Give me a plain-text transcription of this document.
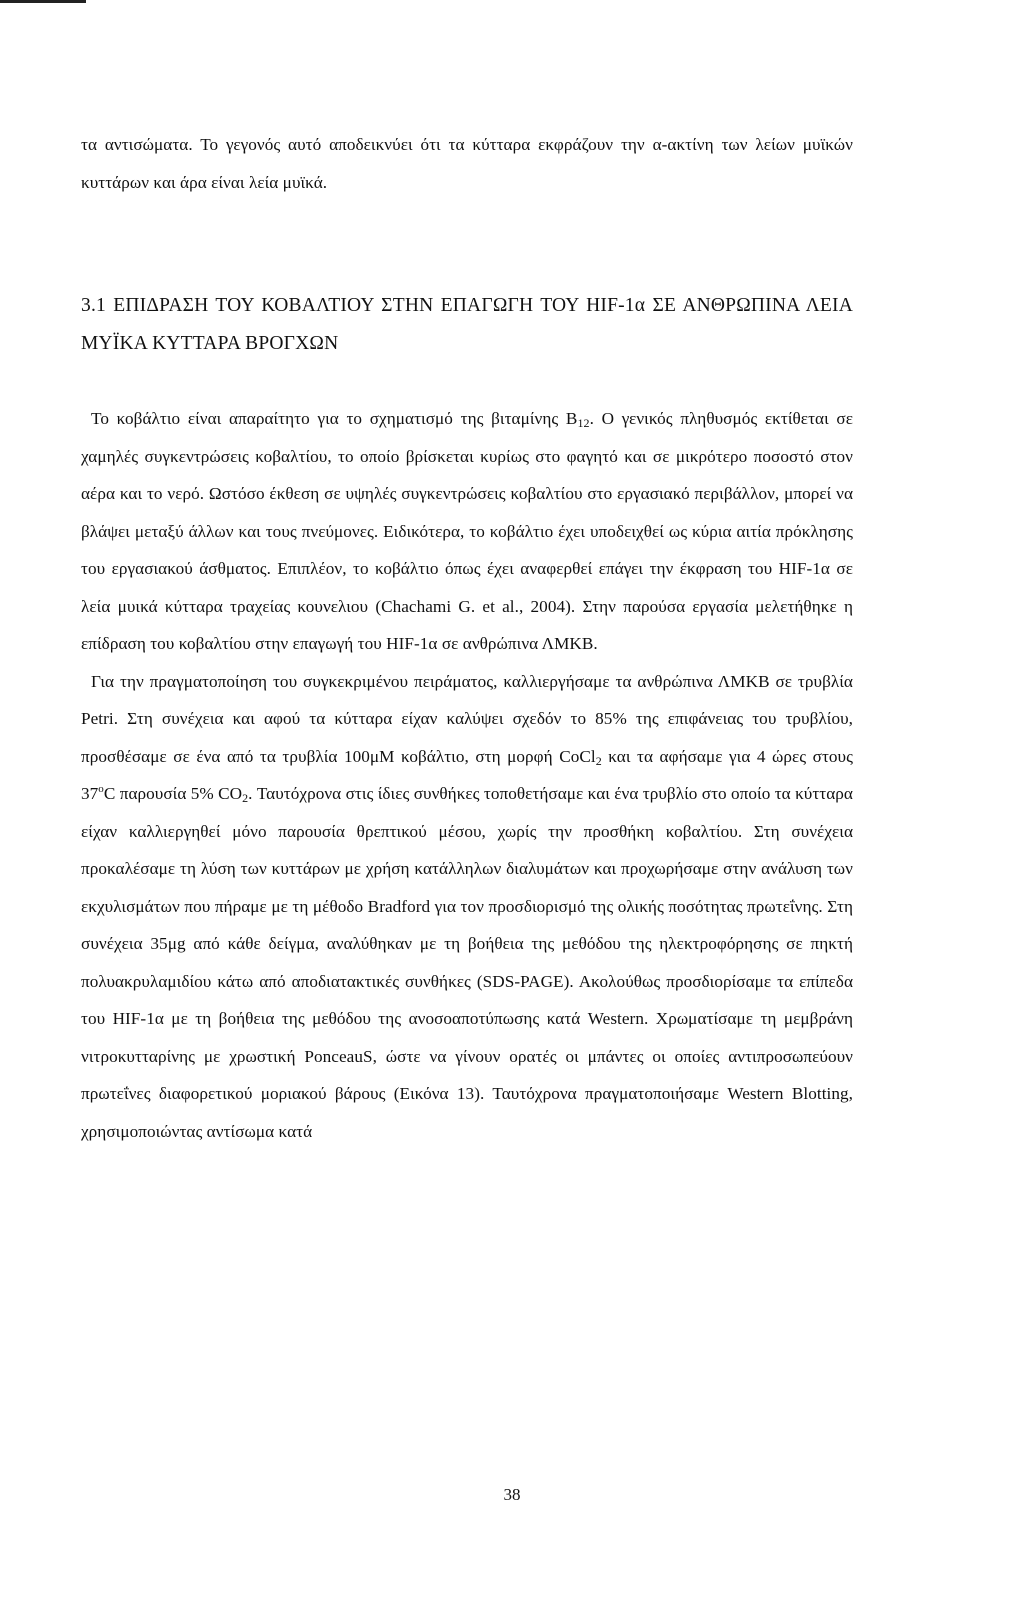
τα αντισώματα. Το γεγονός αυτό αποδεικνύει ότι τα κύτταρα εκφράζουν την α-ακτίνη των λείων μυϊκών κυττάρων και άρα είναι λεία μυϊκά.

3.1 ΕΠΙΔΡΑΣΗ ΤΟΥ ΚΟΒΑΛΤΙΟΥ ΣΤΗΝ ΕΠΑΓΩΓΗ ΤΟΥ HIF-1α ΣΕ ΑΝΘΡΩΠΙΝΑ ΛΕΙΑ ΜΥΪΚΑ ΚΥΤΤΑΡΑ ΒΡΟΓΧΩΝ

Το κοβάλτιο είναι απαραίτητο για το σχηματισμό της βιταμίνης $B_{12}$. Ο γενικός πληθυσμός εκτίθεται σε χαμηλές συγκεντρώσεις κοβαλτίου, το οποίο βρίσκεται κυρίως στο φαγητό και σε μικρότερο ποσοστό στον αέρα και το νερό. Ωστόσο έκθεση σε υψηλές συγκεντρώσεις κοβαλτίου στο εργασιακό περιβάλλον, μπορεί να βλάψει μεταξύ άλλων και τους πνεύμονες. Ειδικότερα, το κοβάλτιο έχει υποδειχθεί ως κύρια αιτία πρόκλησης του εργασιακού άσθματος. Επιπλέον, το κοβάλτιο όπως έχει αναφερθεί επάγει την έκφραση του HIF-1α σε λεία μυικά κύτταρα τραχείας κουνελιου (Chachami G. et al., 2004). Στην παρούσα εργασία μελετήθηκε η επίδραση του κοβαλτίου στην επαγωγή του HIF-1α σε ανθρώπινα ΛΜΚΒ.

Για την πραγματοποίηση του συγκεκριμένου πειράματος, καλλιεργήσαμε τα ανθρώπινα ΛΜΚΒ σε τρυβλία Petri. Στη συνέχεια και αφού τα κύτταρα είχαν καλύψει σχεδόν το 85% της επιφάνειας του τρυβλίου, προσθέσαμε σε ένα από τα τρυβλία 100μΜ κοβάλτιο, στη μορφή CoCl$_2$ και τα αφήσαμε για 4 ώρες στους 37$^o$C παρουσία 5% $CO_2$. Ταυτόχρονα στις ίδιες συνθήκες τοποθετήσαμε και ένα τρυβλίο στο οποίο τα κύτταρα είχαν καλλιεργηθεί μόνο παρουσία θρεπτικού μέσου, χωρίς την προσθήκη κοβαλτίου. Στη συνέχεια προκαλέσαμε τη λύση των κυττάρων με χρήση κατάλληλων διαλυμάτων και προχωρήσαμε στην ανάλυση των εκχυλισμάτων που πήραμε με τη μέθοδο Bradford για τον προσδιορισμό της ολικής ποσότητας πρωτεΐνης. Στη συνέχεια 35μg από κάθε δείγμα, αναλύθηκαν με τη βοήθεια της μεθόδου της ηλεκτροφόρησης σε πηκτή πολυακρυλαμιδίου κάτω από αποδιατακτικές συνθήκες (SDS-PAGE). Ακολούθως προσδιορίσαμε τα επίπεδα του HIF-1α με τη βοήθεια της μεθόδου της ανοσοαποτύπωσης κατά Western. Χρωματίσαμε τη μεμβράνη νιτροκυτταρίνης με χρωστική PonceauS, ώστε να γίνουν ορατές οι μπάντες οι οποίες αντιπροσωπεύουν πρωτεΐνες διαφορετικού μοριακού βάρους (Εικόνα 13). Ταυτόχρονα πραγματοποιήσαμε Western Blotting, χρησιμοποιώντας αντίσωμα κατά

38
